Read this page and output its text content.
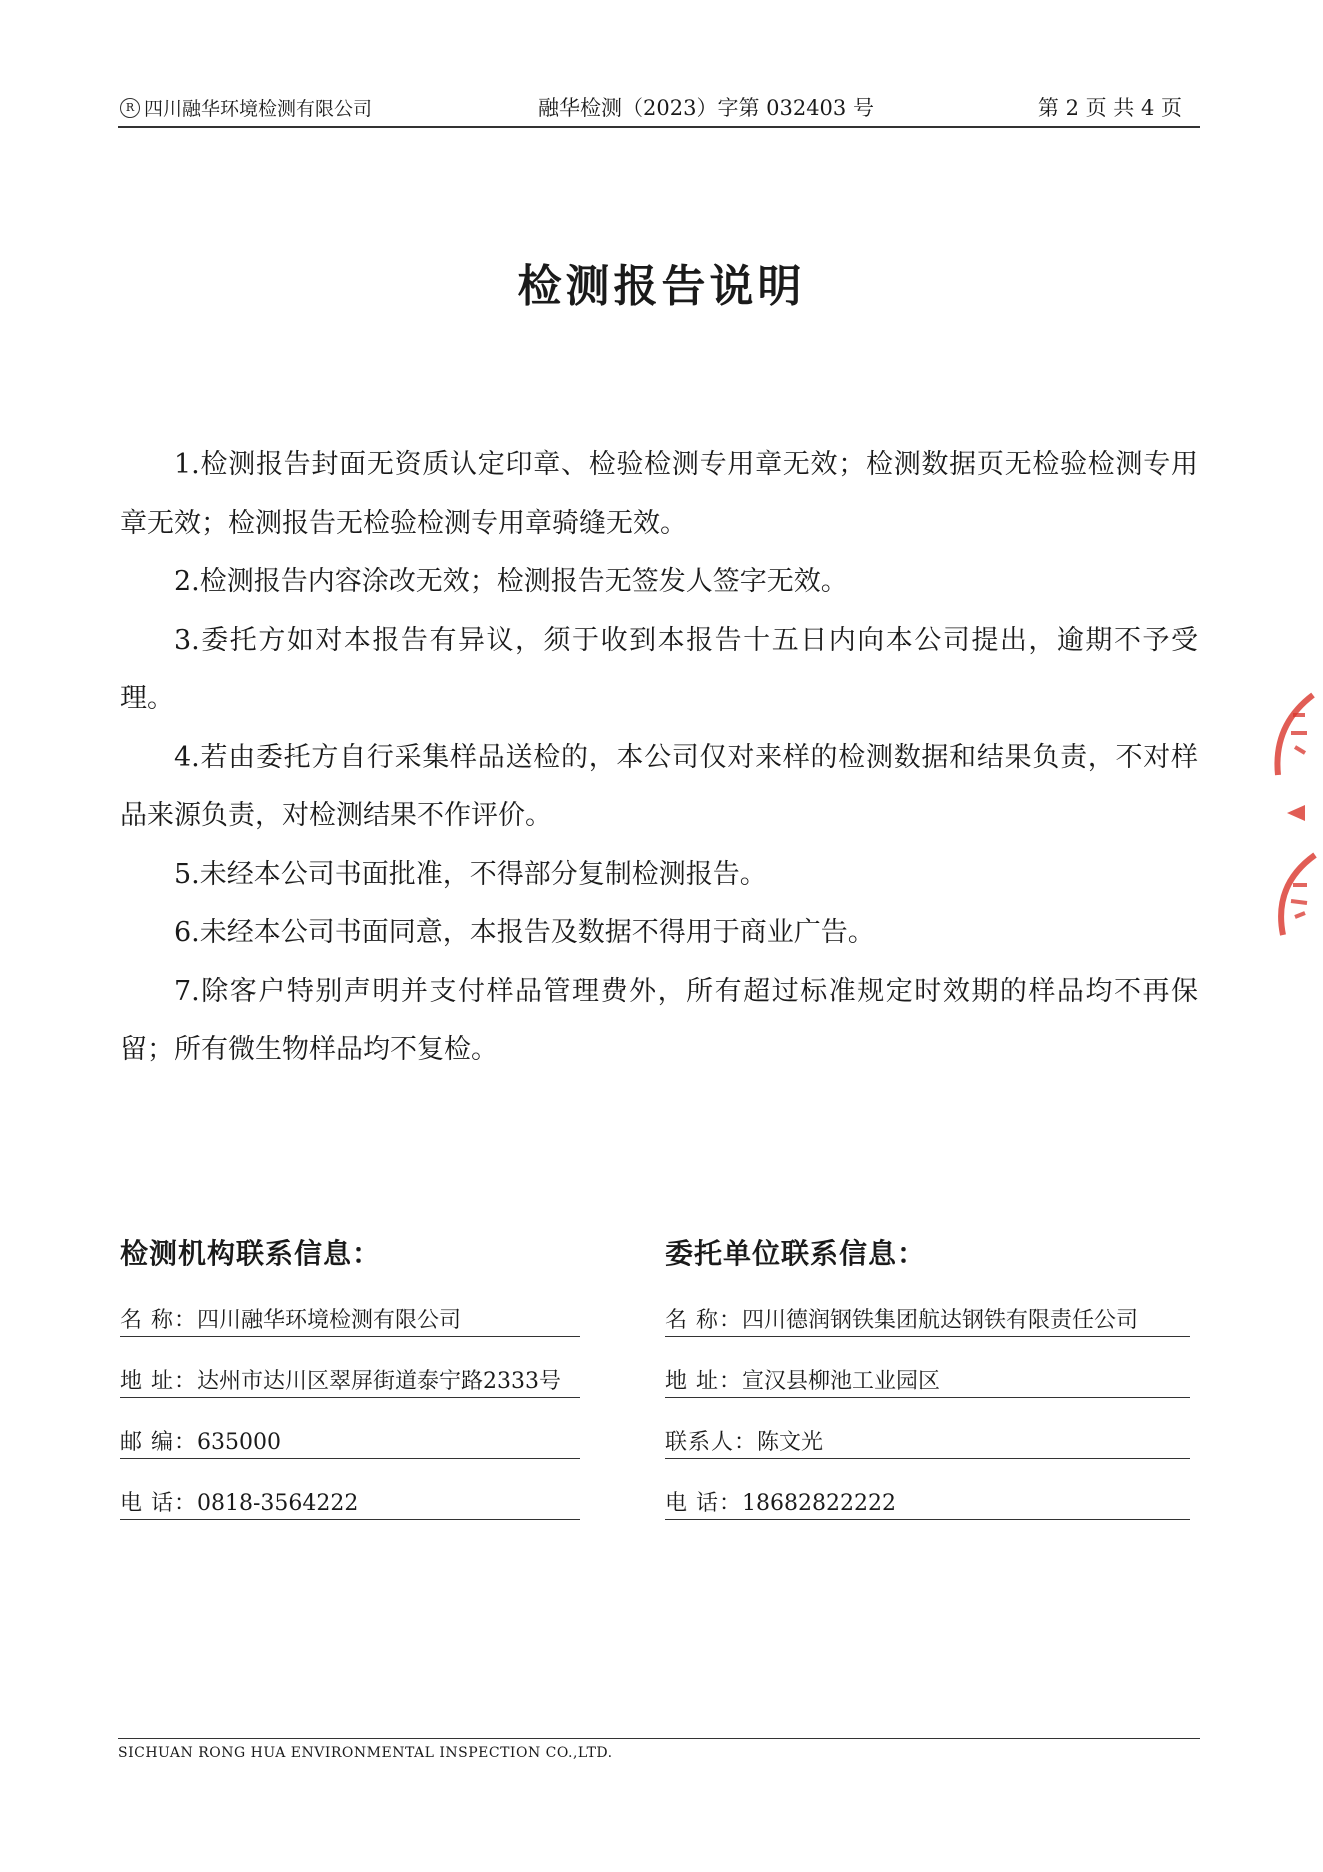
R 四川融华环境检测有限公司	融华检测（2023）字第 032403 号	第 2 页 共 4 页
检测报告说明

1.检测报告封面无资质认定印章、检验检测专用章无效；检测数据页无检验检测专用章无效；检测报告无检验检测专用章骑缝无效。

2.检测报告内容涂改无效；检测报告无签发人签字无效。

3.委托方如对本报告有异议，须于收到本报告十五日内向本公司提出，逾期不予受理。

4.若由委托方自行采集样品送检的，本公司仅对来样的检测数据和结果负责，不对样品来源负责，对检测结果不作评价。

5.未经本公司书面批准，不得部分复制检测报告。

6.未经本公司书面同意，本报告及数据不得用于商业广告。

7.除客户特别声明并支付样品管理费外，所有超过标准规定时效期的样品均不再保留；所有微生物样品均不复检。

检测机构联系信息：
名 称： 四川融华环境检测有限公司
地 址： 达州市达川区翠屏街道泰宁路2333号
邮 编： 635000
电 话： 0818-3564222
委托单位联系信息：
名 称： 四川德润钢铁集团航达钢铁有限责任公司
地 址： 宣汉县柳池工业园区
联系人： 陈文光
电 话： 18682822222
SICHUAN RONG HUA ENVIRONMENTAL INSPECTION CO.,LTD.
